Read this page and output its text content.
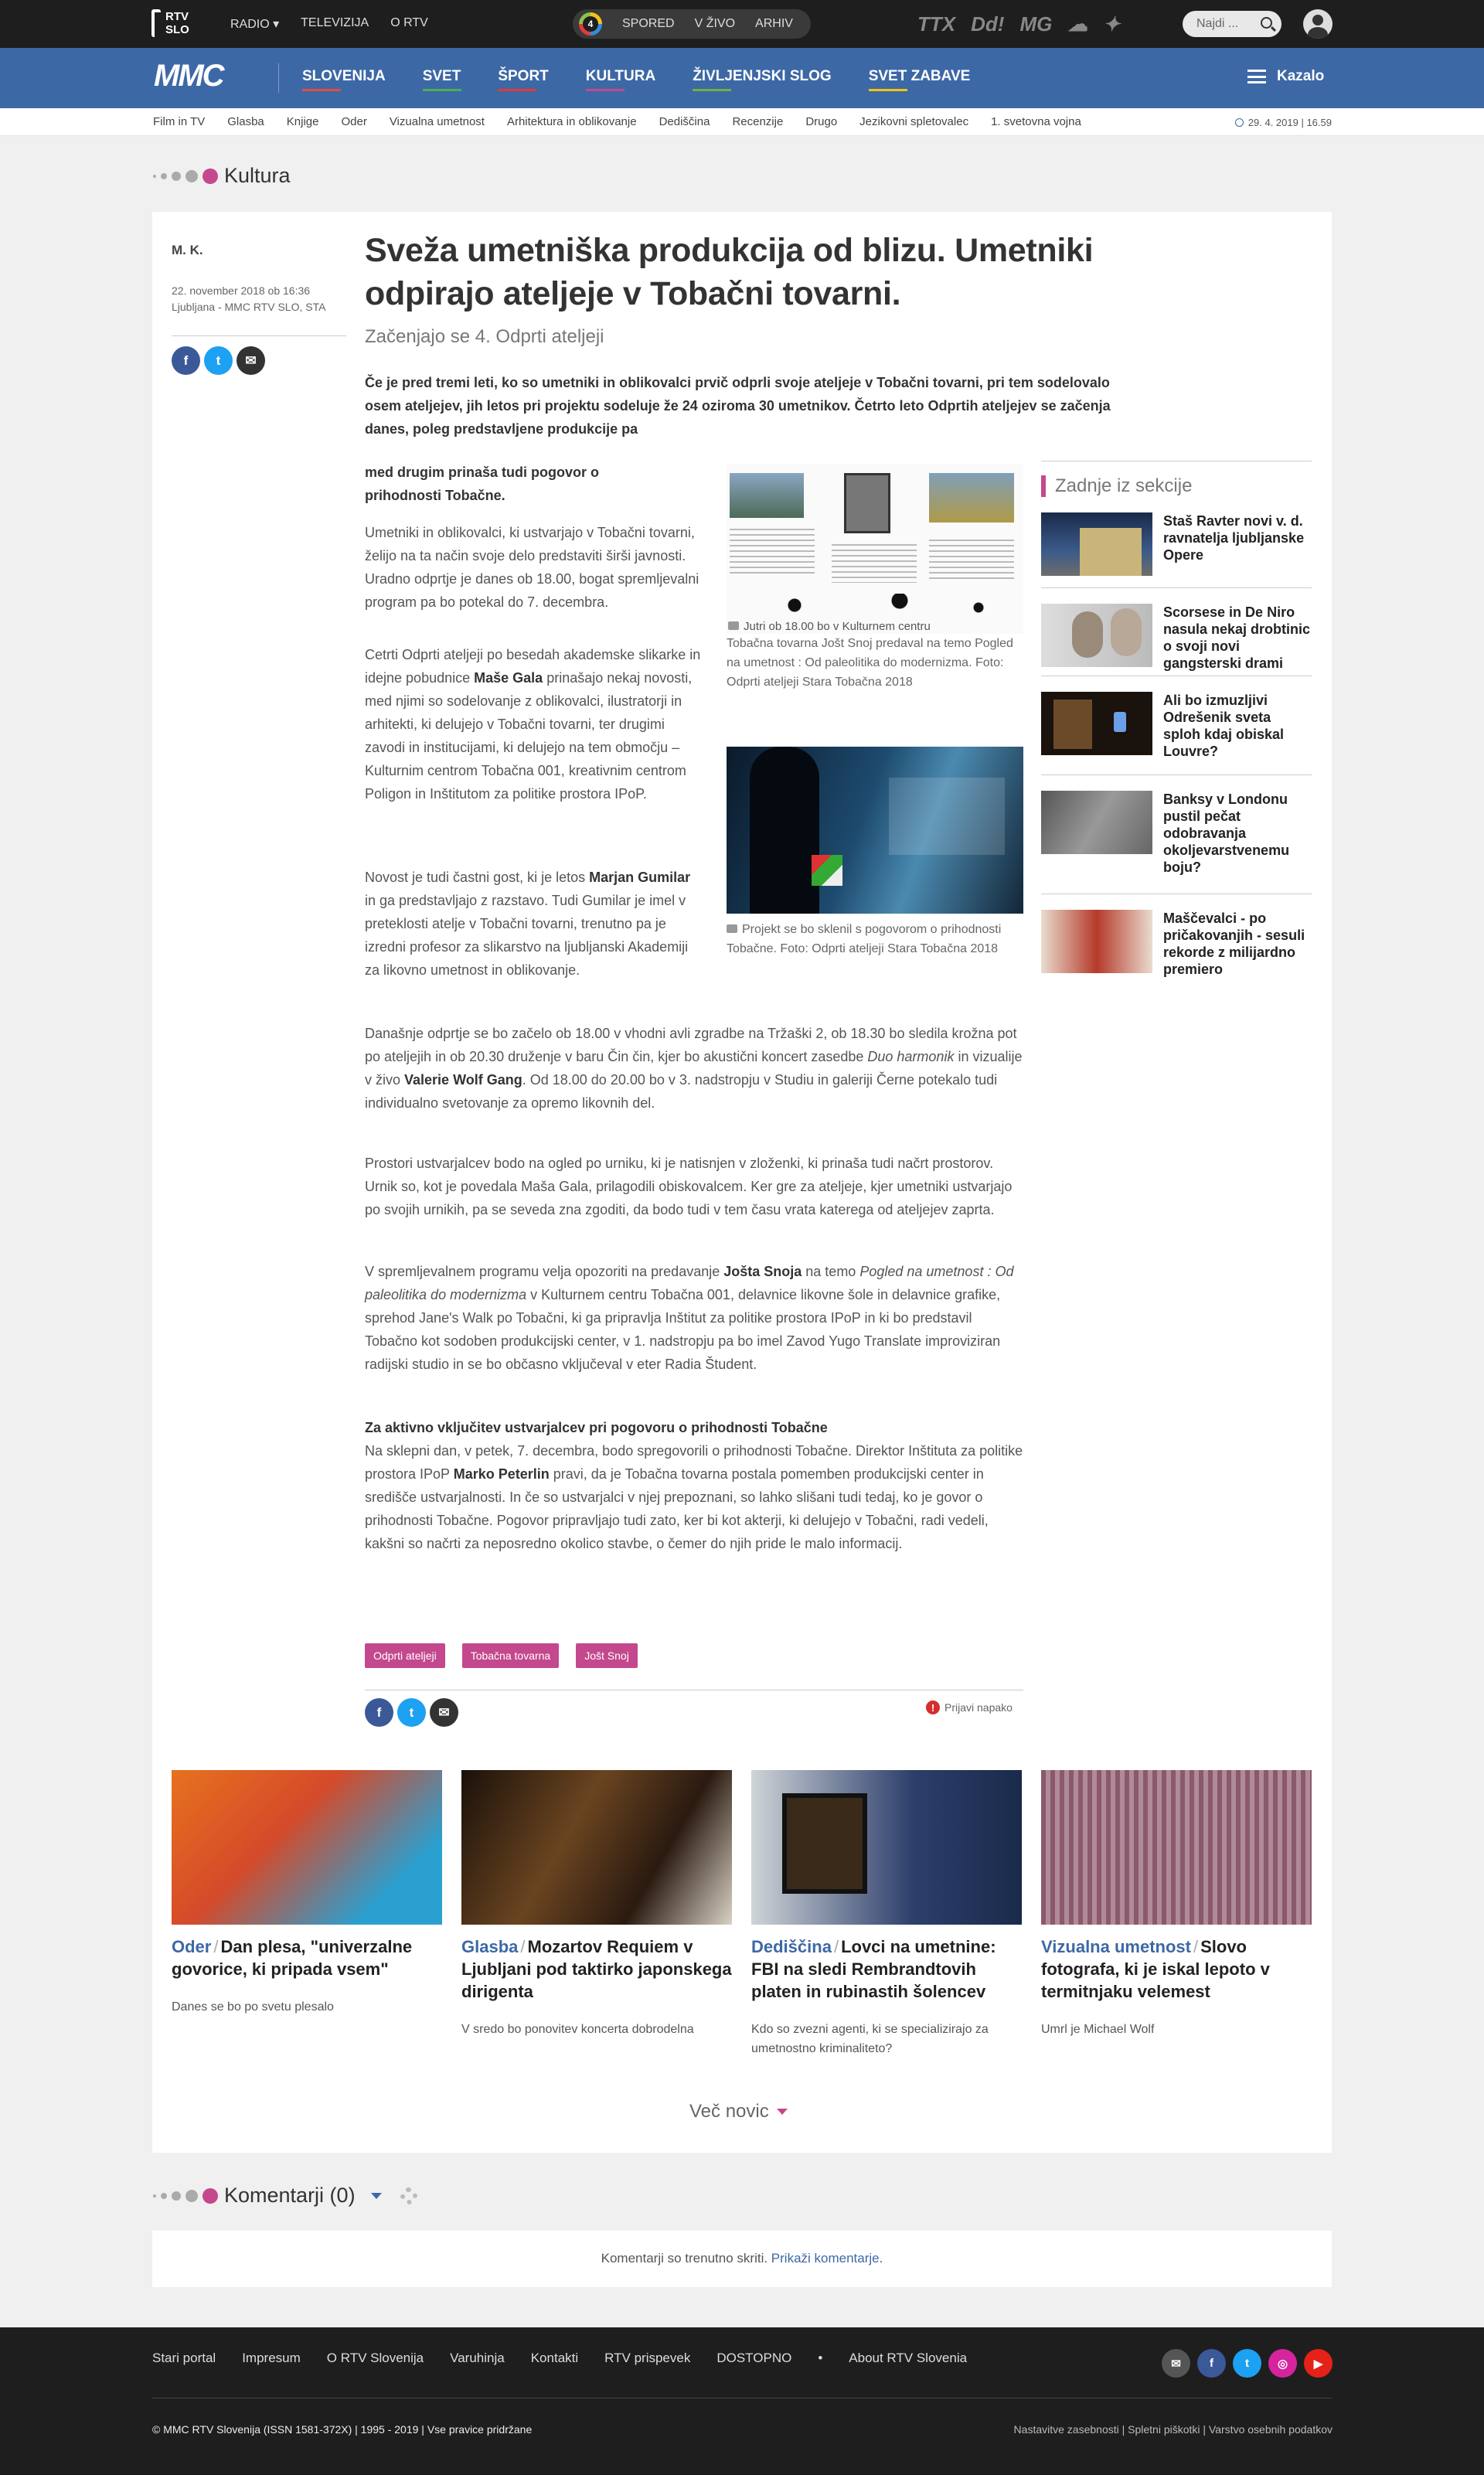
RTV
SLO	RADIO ▾ TELEVIZIJA O RTV	4	SPORED V ŽIVO ARHIV	TTX Dd! MG ☁ ✦	Najdi ...
MMC	SLOVENIJA	SVET	ŠPORT	KULTURA	ŽIVLJENJSKI SLOG	SVET ZABAVE	Kazalo
Film in TV Glasba Knjige Oder Vizualna umetnost Arhitektura in oblikovanje Dediščina Recenzije Drugo Jezikovni spletovalec 1. svetovna vojna	29. 4. 2019 | 16.59
Kultura
M. K.
22. november 2018 ob 16:36
Ljubljana - MMC RTV SLO, STA
f	t	✉
Sveža umetniška produkcija od blizu. Umetniki odpirajo ateljeje v Tobačni tovarni.
Začenjajo se 4. Odprti ateljeji
Če je pred tremi leti, ko so umetniki in oblikovalci prvič odprli svoje ateljeje v Tobačni tovarni, pri tem sodelovalo osem ateljejev, jih letos pri projektu sodeluje že 24 oziroma 30 umetnikov. Četrto leto Odprtih ateljejev se začenja danes, poleg predstavljene produkcije pa
med drugim prinaša tudi pogovor o prihodnosti Tobačne.
Umetniki in oblikovalci, ki ustvarjajo v Tobačni tovarni, želijo na ta način svoje delo predstaviti širši javnosti. Uradno odprtje je danes ob 18.00, bogat spremljevalni program pa bo potekal do 7. decembra.
Cetrti Odprti ateljeji po besedah akademske slikarke in idejne pobudnice Maše Gala prinašajo nekaj novosti, med njimi so sodelovanje z oblikovalci, ilustratorji in arhitekti, ki delujejo v Tobačni tovarni, ter drugimi zavodi in institucijami, ki delujejo na tem območju – Kulturnim centrom Tobačna 001, kreativnim centrom Poligon in Inštitutom za politike prostora IPoP.
Novost je tudi častni gost, ki je letos Marjan Gumilar in ga predstavljajo z razstavo. Tudi Gumilar je imel v preteklosti atelje v Tobačni tovarni, trenutno pa je izredni profesor za slikarstvo na ljubljanski Akademiji za likovno umetnost in oblikovanje.
Današnje odprtje se bo začelo ob 18.00 v vhodni avli zgradbe na Tržaški 2, ob 18.30 bo sledila krožna pot po ateljejih in ob 20.30 druženje v baru Čin čin, kjer bo akustični koncert zasedbe Duo harmonik in vizualije v živo Valerie Wolf Gang. Od 18.00 do 20.00 bo v 3. nadstropju v Studiu in galeriji Černe potekalo tudi individualno svetovanje za opremo likovnih del.
Prostori ustvarjalcev bodo na ogled po urniku, ki je natisnjen v zloženki, ki prinaša tudi načrt prostorov. Urnik so, kot je povedala Maša Gala, prilagodili obiskovalcem. Ker gre za ateljeje, kjer umetniki ustvarjajo po svojih urnikih, pa se seveda zna zgoditi, da bodo tudi v tem času vrata katerega od ateljejev zaprta.
V spremljevalnem programu velja opozoriti na predavanje Jošta Snoja na temo Pogled na umetnost : Od paleolitika do modernizma v Kulturnem centru Tobačna 001, delavnice likovne šole in delavnice grafike, sprehod Jane's Walk po Tobačni, ki ga pripravlja Inštitut za politike prostora IPoP in ki bo predstavil Tobačno kot sodoben produkcijski center, v 1. nadstropju pa bo imel Zavod Yugo Translate improviziran radijski studio in se bo občasno vključeval v eter Radia Študent.
Za aktivno vključitev ustvarjalcev pri pogovoru o prihodnosti Tobačne
Na sklepni dan, v petek, 7. decembra, bodo spregovorili o prihodnosti Tobačne. Direktor Inštituta za politike prostora IPoP Marko Peterlin pravi, da je Tobačna tovarna postala pomemben produkcijski center in središče ustvarjalnosti. In če so ustvarjalci v njej prepoznani, so lahko slišani tudi tedaj, ko je govor o prihodnosti Tobačne. Pogovor pripravljajo tudi zato, ker bi kot akterji, ki delujejo v Tobačni, radi vedeli, kakšni so načrti za neposredno okolico stavbe, o čemer do njih pride le malo informacij.
Jutri ob 18.00 bo v Kulturnem centru
Tobačna tovarna Jošt Snoj predaval na temo Pogled na umetnost : Od paleolitika do modernizma. Foto: Odprti ateljeji Stara Tobačna 2018
Projekt se bo sklenil s pogovorom o prihodnosti Tobačne. Foto: Odprti ateljeji Stara Tobačna 2018
Zadnje iz sekcije
Staš Ravter novi v. d. ravnatelja ljubljanske Opere
Scorsese in De Niro nasula nekaj drobtinic o svoji novi gangsterski drami
Ali bo izmuzljivi Odrešenik sveta sploh kdaj obiskal Louvre?
Banksy v Londonu pustil pečat odobravanja okoljevarstvenemu boju?
Maščevalci - po pričakovanjih - sesuli rekorde z milijardno premiero
Odprti ateljeji	Tobačna tovarna	Jošt Snoj
f	t	✉	! Prijavi napako
Oder / Dan plesa, "univerzalne govorice, ki pripada vsem"
Danes se bo po svetu plesalo
Glasba / Mozartov Requiem v Ljubljani pod taktirko japonskega dirigenta
V sredo bo ponovitev koncerta dobrodelna
Dediščina / Lovci na umetnine: FBI na sledi Rembrandtovih platen in rubinastih šolencev
Kdo so zvezni agenti, ki se specializirajo za umetnostno kriminaliteto?
Vizualna umetnost / Slovo fotografa, ki je iskal lepoto v termitnjaku velemest
Umrl je Michael Wolf
Več novic
Komentarji (0)
Komentarji so trenutno skriti. Prikaži komentarje.
Stari portal Impresum O RTV Slovenija Varuhinja Kontakti RTV prispevek DOSTOPNO • About RTV Slovenia	✉	f	t	◎	▶
© MMC RTV Slovenija (ISSN 1581-372X) | 1995 - 2019 | Vse pravice pridržane	Nastavitve zasebnosti | Spletni piškotki | Varstvo osebnih podatkov
